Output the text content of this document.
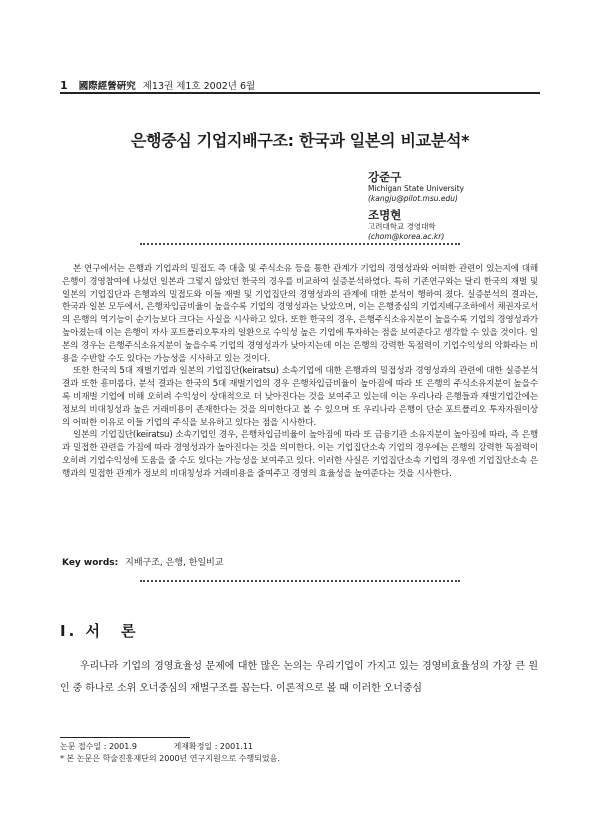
1 國際經營硏究 제13권 제1호 2002년 6월
은행중심 기업지배구조: 한국과 일본의 비교분석*

강준구

Michigan State University

(kangju@pilot.msu.edu)

조명현

고려대학교 경영대학

(chom@korea.ac.kr)

본 연구에서는 은행과 기업과의 밀접도 즉 대출 및 주식소유 등을 통한 관계가 기업의 경영성과와 어떠한 관련이 있는지에 대해 은행이 경영참여에 나섰던 일본과 그렇지 않았던 한국의 경우를 비교하여 실증분석하였다. 특히 기존연구와는 달리 한국의 재벌 및 일본의 기업집단과 은행과의 밀접도와 이들 재벌 및 기업집단의 경영성과의 관계에 대한 분석이 행하여 졌다. 실증분석의 결과는, 한국과 일본 모두에서, 은행차입금비율이 높을수록 기업의 경영성과는 낮았으며, 이는 은행중심의 기업지배구조하에서 채권자로서의 은행의 역기능이 순기능보다 크다는 사실을 시사하고 있다. 또한 한국의 경우, 은행주식소유지분이 높을수록 기업의 경영성과가 높아졌는데 이는 은행이 자사 포트폴리오투자의 일환으로 수익성 높은 기업에 투자하는 점을 보여준다고 생각할 수 있을 것이다. 일본의 경우는 은행주식소유지분이 높을수록 기업의 경영성과가 낮아지는데 이는 은행의 강력한 독점력이 기업수익성의 악화라는 비용을 수반할 수도 있다는 가능성을 시사하고 있는 것이다.

또한 한국의 5대 재벌기업과 일본의 기업집단(keiratsu) 소속기업에 대한 은행과의 밀접성과 경영성과의 관련에 대한 실증분석결과 또한 흥미롭다. 분석 결과는 한국의 5대 재벌기업의 경우 은행차입금비율이 높아짐에 따라 또 은행의 주식소유지분이 높을수록 비재벌 기업에 비해 오히려 수익성이 상대적으로 더 낮아진다는 것을 보여주고 있는데 이는 우리나라 은행들과 재벌기업간에는 정보의 비대칭성과 높은 거래비용이 존재한다는 것을 의미한다고 볼 수 있으며 또 우리나라 은행이 단순 포트폴리오 투자자원이상의 어떠한 이유로 이들 기업의 주식을 보유하고 있다는 점을 시사한다.

일본의 기업집단(keiratsu) 소속기업인 경우, 은행차입금비율이 높아짐에 따라 또 금융기관 소유지분이 높아짐에 따라, 즉 은행과 밀접한 관련을 가짐에 따라 경영성과가 높아진다는 것을 의미한다. 이는 기업집단소속 기업의 경우에는 은행의 강력한 독점력이 오히려 기업수익성에 도움을 줄 수도 있다는 가능성을 보여주고 있다. 이러한 사실은 기업집단소속 기업의 경우엔 기업집단소속 은행과의 밀접한 관계가 정보의 비대칭성과 거래비용을 줄여주고 경영의 효율성을 높여준다는 것을 시사한다.

Key words: 지배구조, 은행, 한일비교
Ⅰ. 서　론

우리나라 기업의 경영효율성 문제에 대한 많은 논의는 우리기업이 가지고 있는 경영비효율성의 가장 큰 원인 중 하나로 소위 오너중심의 재벌구조를 꼽는다. 이론적으로 볼 때 이러한 오너중심

논문 접수일 : 2001.9	게재확정일 : 2001.11

* 본 논문은 학술진흥재단의 2000년 연구지원으로 수행되었음.
